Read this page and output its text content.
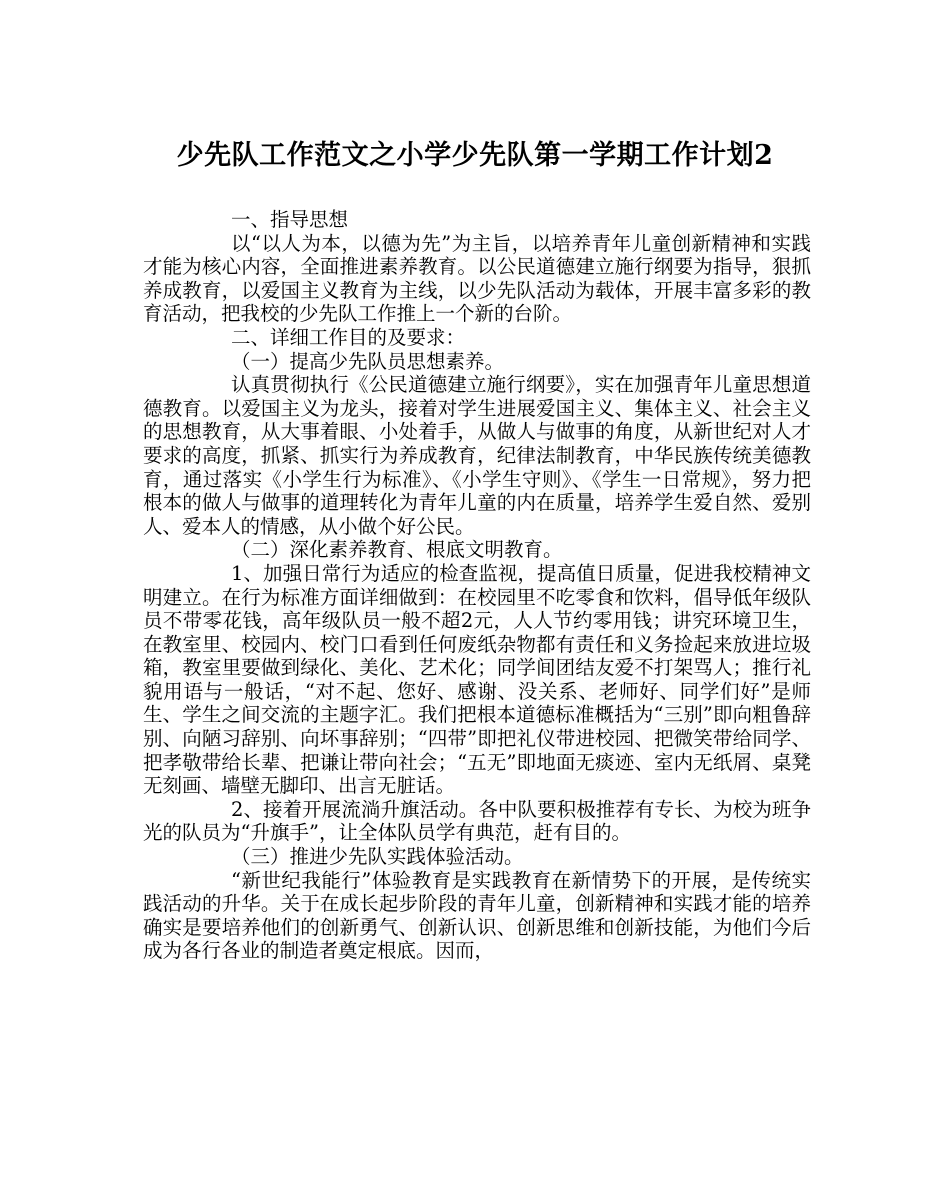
少先队工作范文之小学少先队第一学期工作计划2

一、指导思想

以“以人为本，以德为先”为主旨，以培养青年儿童创新精神和实践才能为核心内容，全面推进素养教育。以公民道德建立施行纲要为指导，狠抓养成教育，以爱国主义教育为主线，以少先队活动为载体，开展丰富多彩的教育活动，把我校的少先队工作推上一个新的台阶。

二、详细工作目的及要求：

（一）提高少先队员思想素养。

认真贯彻执行《公民道德建立施行纲要》，实在加强青年儿童思想道德教育。以爱国主义为龙头，接着对学生进展爱国主义、集体主义、社会主义的思想教育，从大事着眼、小处着手，从做人与做事的角度，从新世纪对人才要求的高度，抓紧、抓实行为养成教育，纪律法制教育，中华民族传统美德教育，通过落实《小学生行为标准》、《小学生守则》、《学生一日常规》，努力把根本的做人与做事的道理转化为青年儿童的内在质量，培养学生爱自然、爱别人、爱本人的情感，从小做个好公民。

（二）深化素养教育、根底文明教育。

1、加强日常行为适应的检查监视，提高值日质量，促进我校精神文明建立。在行为标准方面详细做到：在校园里不吃零食和饮料，倡导低年级队员不带零花钱，高年级队员一般不超2元，人人节约零用钱；讲究环境卫生，在教室里、校园内、校门口看到任何废纸杂物都有责任和义务捡起来放进垃圾箱，教室里要做到绿化、美化、艺术化；同学间团结友爱不打架骂人；推行礼貌用语与一般话，“对不起、您好、感谢、没关系、老师好、同学们好”是师生、学生之间交流的主题字汇。我们把根本道德标准概括为“三别”即向粗鲁辞别、向陋习辞别、向坏事辞别；“四带”即把礼仪带进校园、把微笑带给同学、把孝敬带给长辈、把谦让带向社会；“五无”即地面无痰迹、室内无纸屑、桌凳无刻画、墙壁无脚印、出言无脏话。

2、接着开展流淌升旗活动。各中队要积极推荐有专长、为校为班争光的队员为“升旗手”，让全体队员学有典范，赶有目的。

（三）推进少先队实践体验活动。

“新世纪我能行”体验教育是实践教育在新情势下的开展，是传统实践活动的升华。关于在成长起步阶段的青年儿童，创新精神和实践才能的培养确实是要培养他们的创新勇气、创新认识、创新思维和创新技能，为他们今后成为各行各业的制造者奠定根底。因而，
